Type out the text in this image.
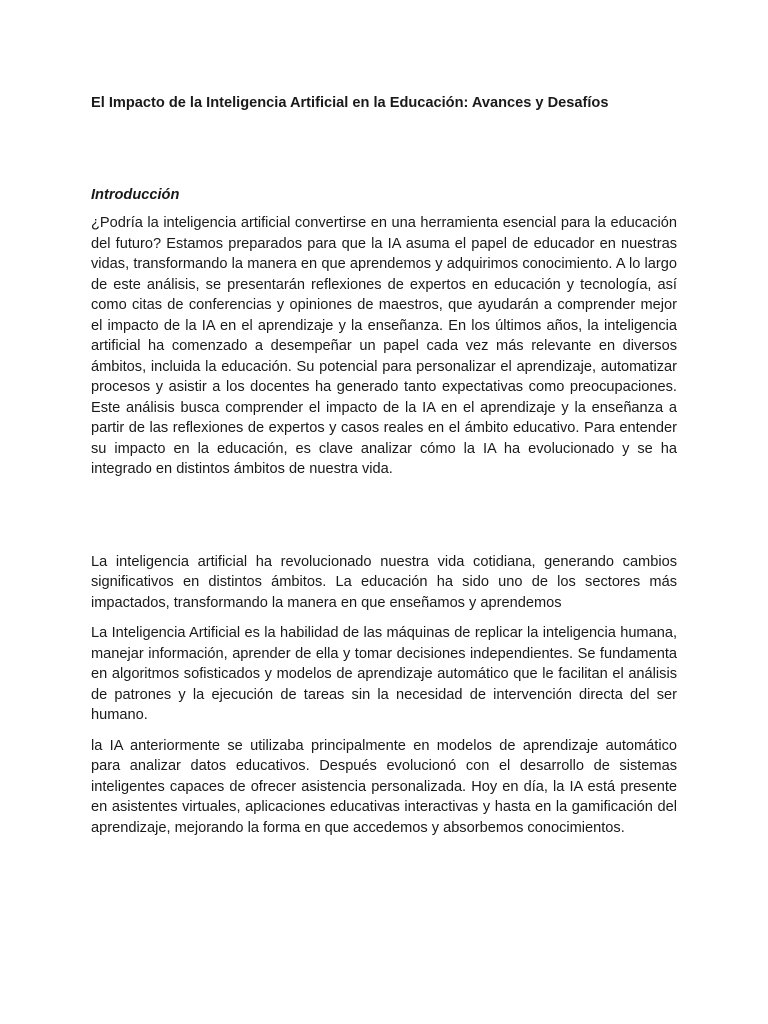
El Impacto de la Inteligencia Artificial en la Educación: Avances y Desafíos
Introducción

¿Podría la inteligencia artificial convertirse en una herramienta esencial para la educación del futuro? Estamos preparados para que la IA asuma el papel de educador en nuestras vidas, transformando la manera en que aprendemos y adquirimos conocimiento. A lo largo de este análisis, se presentarán reflexiones de expertos en educación y tecnología, así como citas de conferencias y opiniones de maestros, que ayudarán a comprender mejor el impacto de la IA en el aprendizaje y la enseñanza. En los últimos años, la inteligencia artificial ha comenzado a desempeñar un papel cada vez más relevante en diversos ámbitos, incluida la educación. Su potencial para personalizar el aprendizaje, automatizar procesos y asistir a los docentes ha generado tanto expectativas como preocupaciones. Este análisis busca comprender el impacto de la IA en el aprendizaje y la enseñanza a partir de las reflexiones de expertos y casos reales en el ámbito educativo. Para entender su impacto en la educación, es clave analizar cómo la IA ha evolucionado y se ha integrado en distintos ámbitos de nuestra vida.

La inteligencia artificial ha revolucionado nuestra vida cotidiana, generando cambios significativos en distintos ámbitos. La educación ha sido uno de los sectores más impactados, transformando la manera en que enseñamos y aprendemos

La Inteligencia Artificial es la habilidad de las máquinas de replicar la inteligencia humana, manejar información, aprender de ella y tomar decisiones independientes. Se fundamenta en algoritmos sofisticados y modelos de aprendizaje automático que le facilitan el análisis de patrones y la ejecución de tareas sin la necesidad de intervención directa del ser humano.

la IA anteriormente se utilizaba principalmente en modelos de aprendizaje automático para analizar datos educativos. Después evolucionó con el desarrollo de sistemas inteligentes capaces de ofrecer asistencia personalizada. Hoy en día, la IA está presente en asistentes virtuales, aplicaciones educativas interactivas y hasta en la gamificación del aprendizaje, mejorando la forma en que accedemos y absorbemos conocimientos.
